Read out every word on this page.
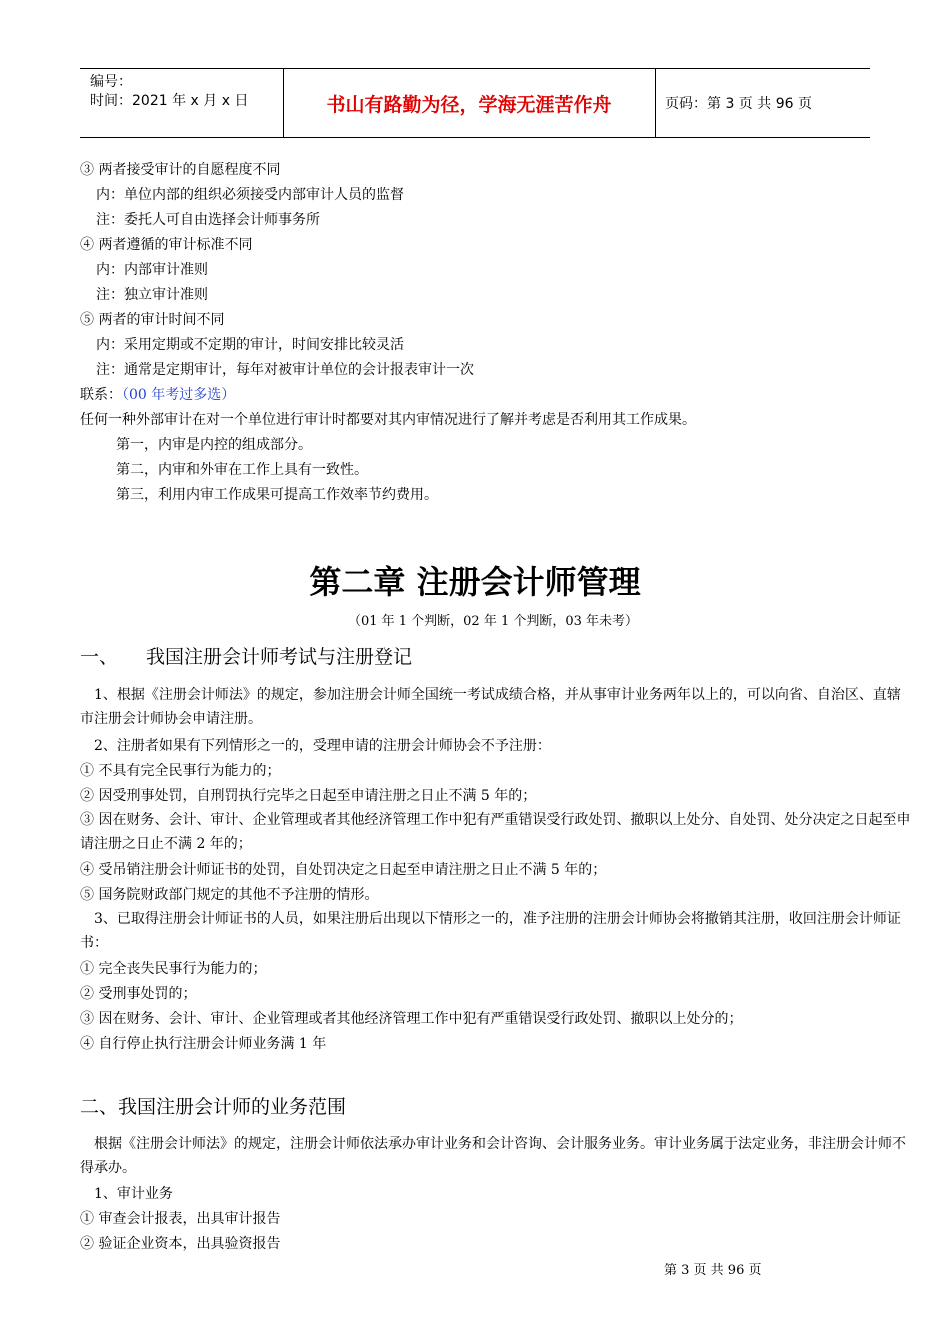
编号：
时间：2021 年 x 月 x 日	书山有路勤为径，学海无涯苦作舟	页码：第 3 页 共 96 页
③ 两者接受审计的自愿程度不同
内：单位内部的组织必须接受内部审计人员的监督
注：委托人可自由选择会计师事务所
④ 两者遵循的审计标准不同
内：内部审计准则
注：独立审计准则
⑤ 两者的审计时间不同
内：采用定期或不定期的审计，时间安排比较灵活
注：通常是定期审计，每年对被审计单位的会计报表审计一次
联系：（00 年考过多选）
任何一种外部审计在对一个单位进行审计时都要对其内审情况进行了解并考虑是否利用其工作成果。
第一，内审是内控的组成部分。
第二，内审和外审在工作上具有一致性。
第三，利用内审工作成果可提高工作效率节约费用。
第二章 注册会计师管理
（01 年 1 个判断，02 年 1 个判断，03 年未考）
一、 我国注册会计师考试与注册登记
1、根据《注册会计师法》的规定，参加注册会计师全国统一考试成绩合格，并从事审计业务两年以上的，可以向省、自治区、直辖市注册会计师协会申请注册。
2、注册者如果有下列情形之一的，受理申请的注册会计师协会不予注册：
① 不具有完全民事行为能力的；
② 因受刑事处罚，自刑罚执行完毕之日起至申请注册之日止不满 5 年的；
③ 因在财务、会计、审计、企业管理或者其他经济管理工作中犯有严重错误受行政处罚、撤职以上处分、自处罚、处分决定之日起至申请注册之日止不满 2 年的；
④ 受吊销注册会计师证书的处罚，自处罚决定之日起至申请注册之日止不满 5 年的；
⑤ 国务院财政部门规定的其他不予注册的情形。
3、已取得注册会计师证书的人员，如果注册后出现以下情形之一的，准予注册的注册会计师协会将撤销其注册，收回注册会计师证书：
① 完全丧失民事行为能力的；
② 受刑事处罚的；
③ 因在财务、会计、审计、企业管理或者其他经济管理工作中犯有严重错误受行政处罚、撤职以上处分的；
④ 自行停止执行注册会计师业务满 1 年
二、我国注册会计师的业务范围
根据《注册会计师法》的规定，注册会计师依法承办审计业务和会计咨询、会计服务业务。审计业务属于法定业务，非注册会计师不得承办。
1、审计业务
① 审查会计报表，出具审计报告
② 验证企业资本，出具验资报告
第 3 页 共 96 页
